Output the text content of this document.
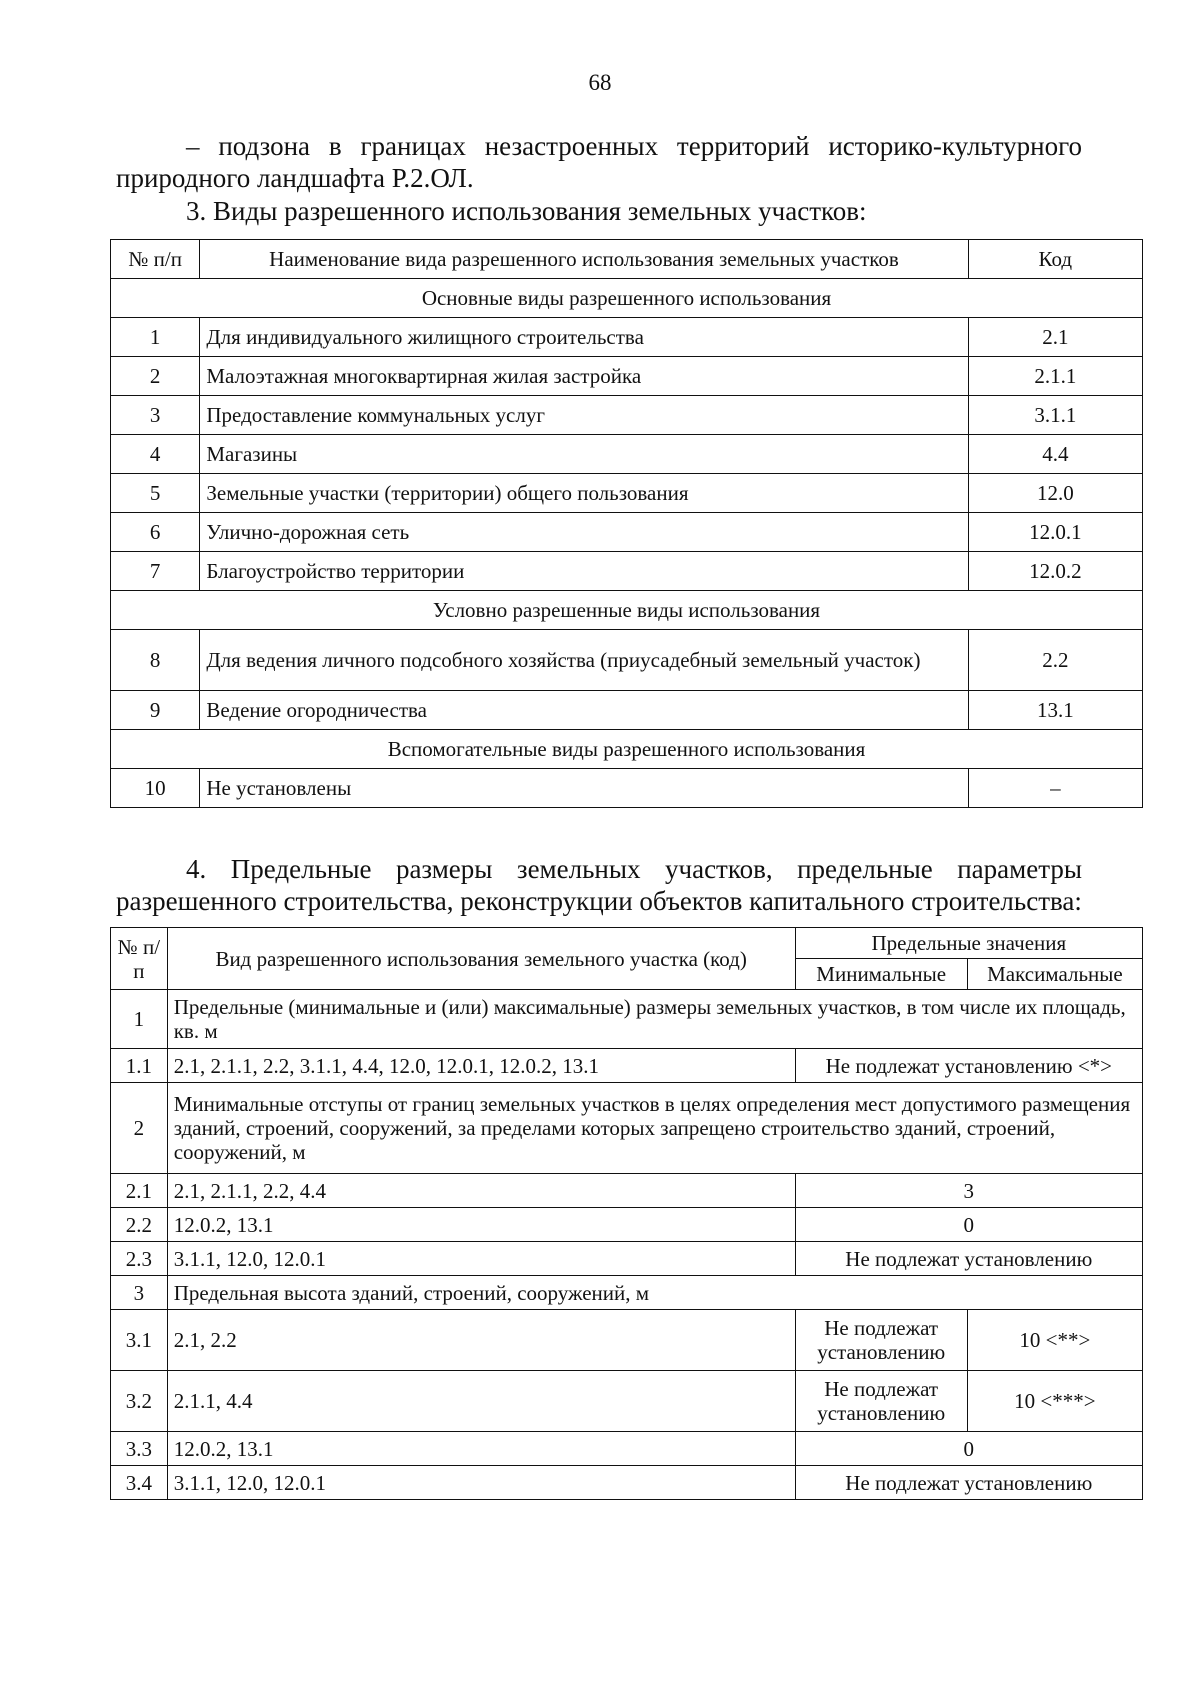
68
– подзона в границах незастроенных территорий историко-культурного
природного ландшафта Р.2.ОЛ.
3. Виды разрешенного использования земельных участков:
№ п/п	Наименование вида разрешенного использования земельных участков	Код
Основные виды разрешенного использования		
1	Для индивидуального жилищного строительства	2.1
2	Малоэтажная многоквартирная жилая застройка	2.1.1
3	Предоставление коммунальных услуг	3.1.1
4	Магазины	4.4
5	Земельные участки (территории) общего пользования	12.0
6	Улично-дорожная сеть	12.0.1
7	Благоустройство территории	12.0.2
Условно разрешенные виды использования		
8	Для ведения личного подсобного хозяйства (приусадебный земельный участок)	2.2
9	Ведение огородничества	13.1
Вспомогательные виды разрешенного использования		
10	Не установлены	–
4. Предельные размеры земельных участков, предельные параметры
разрешенного строительства, реконструкции объектов капитального строительства:
№ п/п	Вид разрешенного использования земельного участка (код)	Предельные значения	
		Минимальные	Максимальные
1	Предельные (минимальные и (или) максимальные) размеры земельных участков, в том числе их площадь, кв. м		
1.1	2.1, 2.1.1, 2.2, 3.1.1, 4.4, 12.0, 12.0.1, 12.0.2, 13.1	Не подлежат установлению <*>	
2	Минимальные отступы от границ земельных участков в целях определения мест допустимого размещения зданий, строений, сооружений, за пределами которых запрещено строительство зданий, строений, сооружений, м		
2.1	2.1, 2.1.1, 2.2, 4.4	3	
2.2	12.0.2, 13.1	0	
2.3	3.1.1, 12.0, 12.0.1	Не подлежат установлению	
3	Предельная высота зданий, строений, сооружений, м		
3.1	2.1, 2.2	Не подлежат установлению	10 <**>
3.2	2.1.1, 4.4	Не подлежат установлению	10 <***>
3.3	12.0.2, 13.1	0	
3.4	3.1.1, 12.0, 12.0.1	Не подлежат установлению	
